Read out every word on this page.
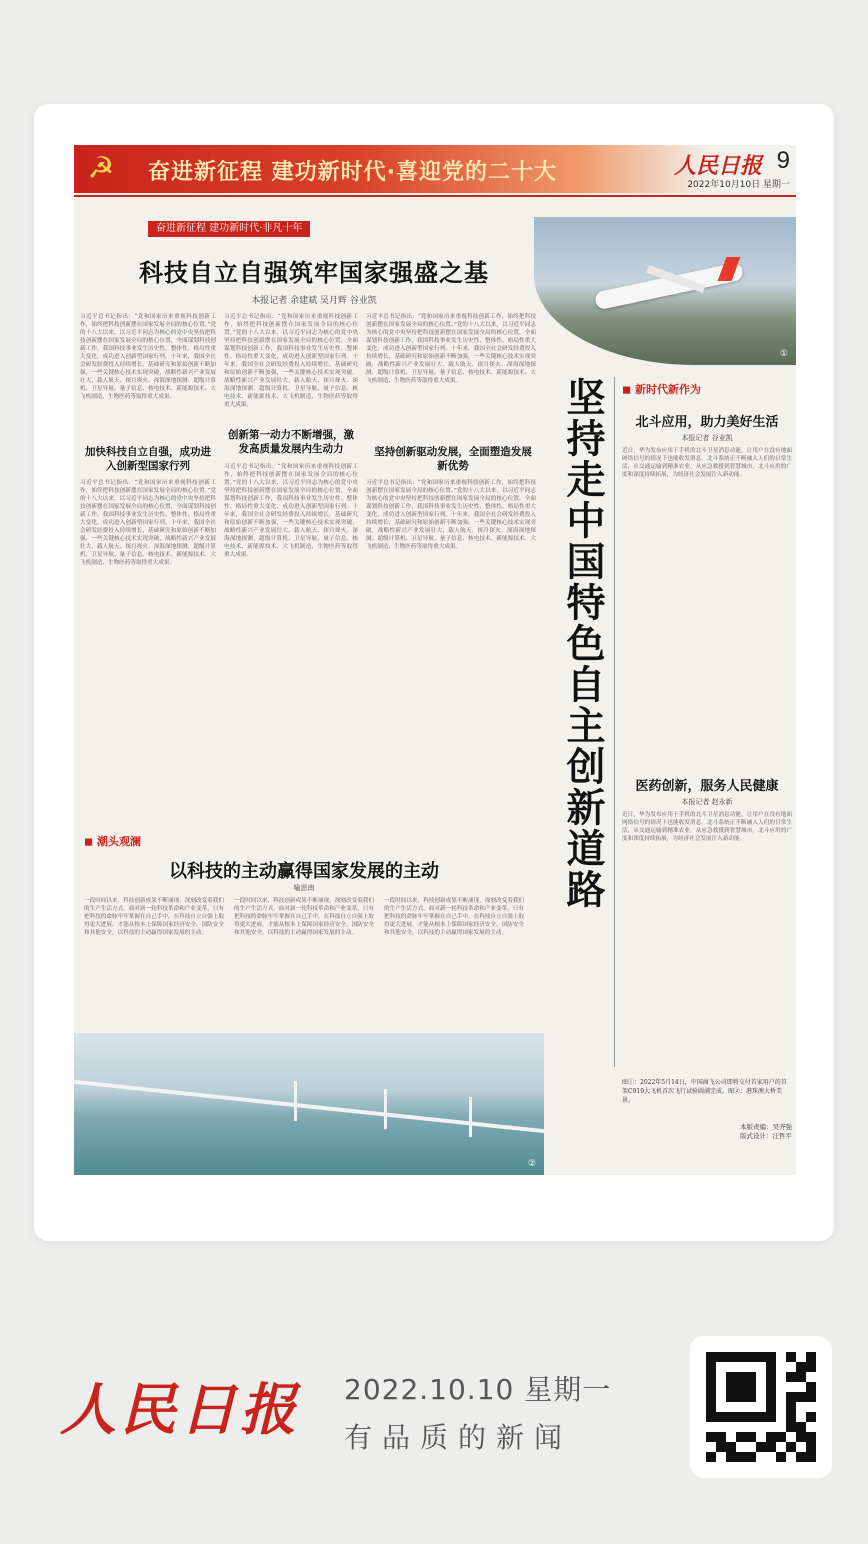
☭ 奋进新征程 建功新时代·喜迎党的二十大	人民日报 9
2022年10月10日 星期一
奋进新征程 建功新时代·非凡十年
科技自立自强筑牢国家强盛之基
本报记者 余建斌 吴月辉 谷业凯
习近平总书记指出：“党和国家历来重视科技创新工作，始终把科技创新摆在国家发展全局的核心位置。”党的十八大以来，以习近平同志为核心的党中央坚持把科技创新摆在国家发展全局的核心位置，全面谋划科技创新工作，我国科技事业发生历史性、整体性、格局性重大变化，成功进入创新型国家行列。十年来，我国全社会研发经费投入持续增长，基础研究和原始创新不断加强，一些关键核心技术实现突破，战略性新兴产业发展壮大，载人航天、探月探火、深海深地探测、超级计算机、卫星导航、量子信息、核电技术、新能源技术、大飞机制造、生物医药等取得重大成果。
加快科技自立自强，成功进入创新型国家行列
习近平总书记指出：“党和国家历来重视科技创新工作，始终把科技创新摆在国家发展全局的核心位置。”党的十八大以来，以习近平同志为核心的党中央坚持把科技创新摆在国家发展全局的核心位置，全面谋划科技创新工作，我国科技事业发生历史性、整体性、格局性重大变化，成功进入创新型国家行列。十年来，我国全社会研发经费投入持续增长，基础研究和原始创新不断加强，一些关键核心技术实现突破，战略性新兴产业发展壮大，载人航天、探月探火、深海深地探测、超级计算机、卫星导航、量子信息、核电技术、新能源技术、大飞机制造、生物医药等取得重大成果。
习近平总书记指出：“党和国家历来重视科技创新工作，始终把科技创新摆在国家发展全局的核心位置。”党的十八大以来，以习近平同志为核心的党中央坚持把科技创新摆在国家发展全局的核心位置，全面谋划科技创新工作，我国科技事业发生历史性、整体性、格局性重大变化，成功进入创新型国家行列。十年来，我国全社会研发经费投入持续增长，基础研究和原始创新不断加强，一些关键核心技术实现突破，战略性新兴产业发展壮大，载人航天、探月探火、深海深地探测、超级计算机、卫星导航、量子信息、核电技术、新能源技术、大飞机制造、生物医药等取得重大成果。
创新第一动力不断增强，激发高质量发展内生动力
习近平总书记指出：“党和国家历来重视科技创新工作，始终把科技创新摆在国家发展全局的核心位置。”党的十八大以来，以习近平同志为核心的党中央坚持把科技创新摆在国家发展全局的核心位置，全面谋划科技创新工作，我国科技事业发生历史性、整体性、格局性重大变化，成功进入创新型国家行列。十年来，我国全社会研发经费投入持续增长，基础研究和原始创新不断加强，一些关键核心技术实现突破，战略性新兴产业发展壮大，载人航天、探月探火、深海深地探测、超级计算机、卫星导航、量子信息、核电技术、新能源技术、大飞机制造、生物医药等取得重大成果。
习近平总书记指出：“党和国家历来重视科技创新工作，始终把科技创新摆在国家发展全局的核心位置。”党的十八大以来，以习近平同志为核心的党中央坚持把科技创新摆在国家发展全局的核心位置，全面谋划科技创新工作，我国科技事业发生历史性、整体性、格局性重大变化，成功进入创新型国家行列。十年来，我国全社会研发经费投入持续增长，基础研究和原始创新不断加强，一些关键核心技术实现突破，战略性新兴产业发展壮大，载人航天、探月探火、深海深地探测、超级计算机、卫星导航、量子信息、核电技术、新能源技术、大飞机制造、生物医药等取得重大成果。
坚持创新驱动发展，全面塑造发展新优势
习近平总书记指出：“党和国家历来重视科技创新工作，始终把科技创新摆在国家发展全局的核心位置。”党的十八大以来，以习近平同志为核心的党中央坚持把科技创新摆在国家发展全局的核心位置，全面谋划科技创新工作，我国科技事业发生历史性、整体性、格局性重大变化，成功进入创新型国家行列。十年来，我国全社会研发经费投入持续增长，基础研究和原始创新不断加强，一些关键核心技术实现突破，战略性新兴产业发展壮大，载人航天、探月探火、深海深地探测、超级计算机、卫星导航、量子信息、核电技术、新能源技术、大飞机制造、生物医药等取得重大成果。
①
坚持走中国特色自主创新道路 ◼ 新时代新作为
北斗应用，助力美好生活
本报记者 谷业凯
近日，华为发布应用于手机的北斗卫星消息功能，让用户在没有地面网络信号的情况下也能收发消息。北斗系统正不断融入人们的日常生活，从交通运输到精准农业，从应急救援到智慧城市，北斗应用的广度和深度持续拓展，为经济社会发展注入新动能。
医药创新，服务人民健康
本报记者 赵永新
近日，华为发布应用于手机的北斗卫星消息功能，让用户在没有地面网络信号的情况下也能收发消息。北斗系统正不断融入人们的日常生活，从交通运输到精准农业，从应急救援到智慧城市，北斗应用的广度和深度持续拓展，为经济社会发展注入新动能。
◼ 潮头观澜
以科技的主动赢得国家发展的主动
喻思南
一段时间以来，科技创新成果不断涌现，深刻改变着我们的生产生活方式。面对新一轮科技革命和产业变革，只有把科技的命脉牢牢掌握在自己手中，在科技自立自强上取得更大进展，才能从根本上保障国家经济安全、国防安全和其他安全，以科技的主动赢得国家发展的主动。
一段时间以来，科技创新成果不断涌现，深刻改变着我们的生产生活方式。面对新一轮科技革命和产业变革，只有把科技的命脉牢牢掌握在自己手中，在科技自立自强上取得更大进展，才能从根本上保障国家经济安全、国防安全和其他安全，以科技的主动赢得国家发展的主动。
一段时间以来，科技创新成果不断涌现，深刻改变着我们的生产生活方式。面对新一轮科技革命和产业变革，只有把科技的命脉牢牢掌握在自己手中，在科技自立自强上取得更大进展，才能从根本上保障国家经济安全、国防安全和其他安全，以科技的主动赢得国家发展的主动。
②
图①：2022年5月14日，中国商飞公司即将交付首家用户的首架C919大飞机首次飞行试验圆满完成。图②：港珠澳大桥美景。
本版责编：吴齐强
版式设计：汪哲平
人民日报 2022.10.10 星期一
有品质的新闻
